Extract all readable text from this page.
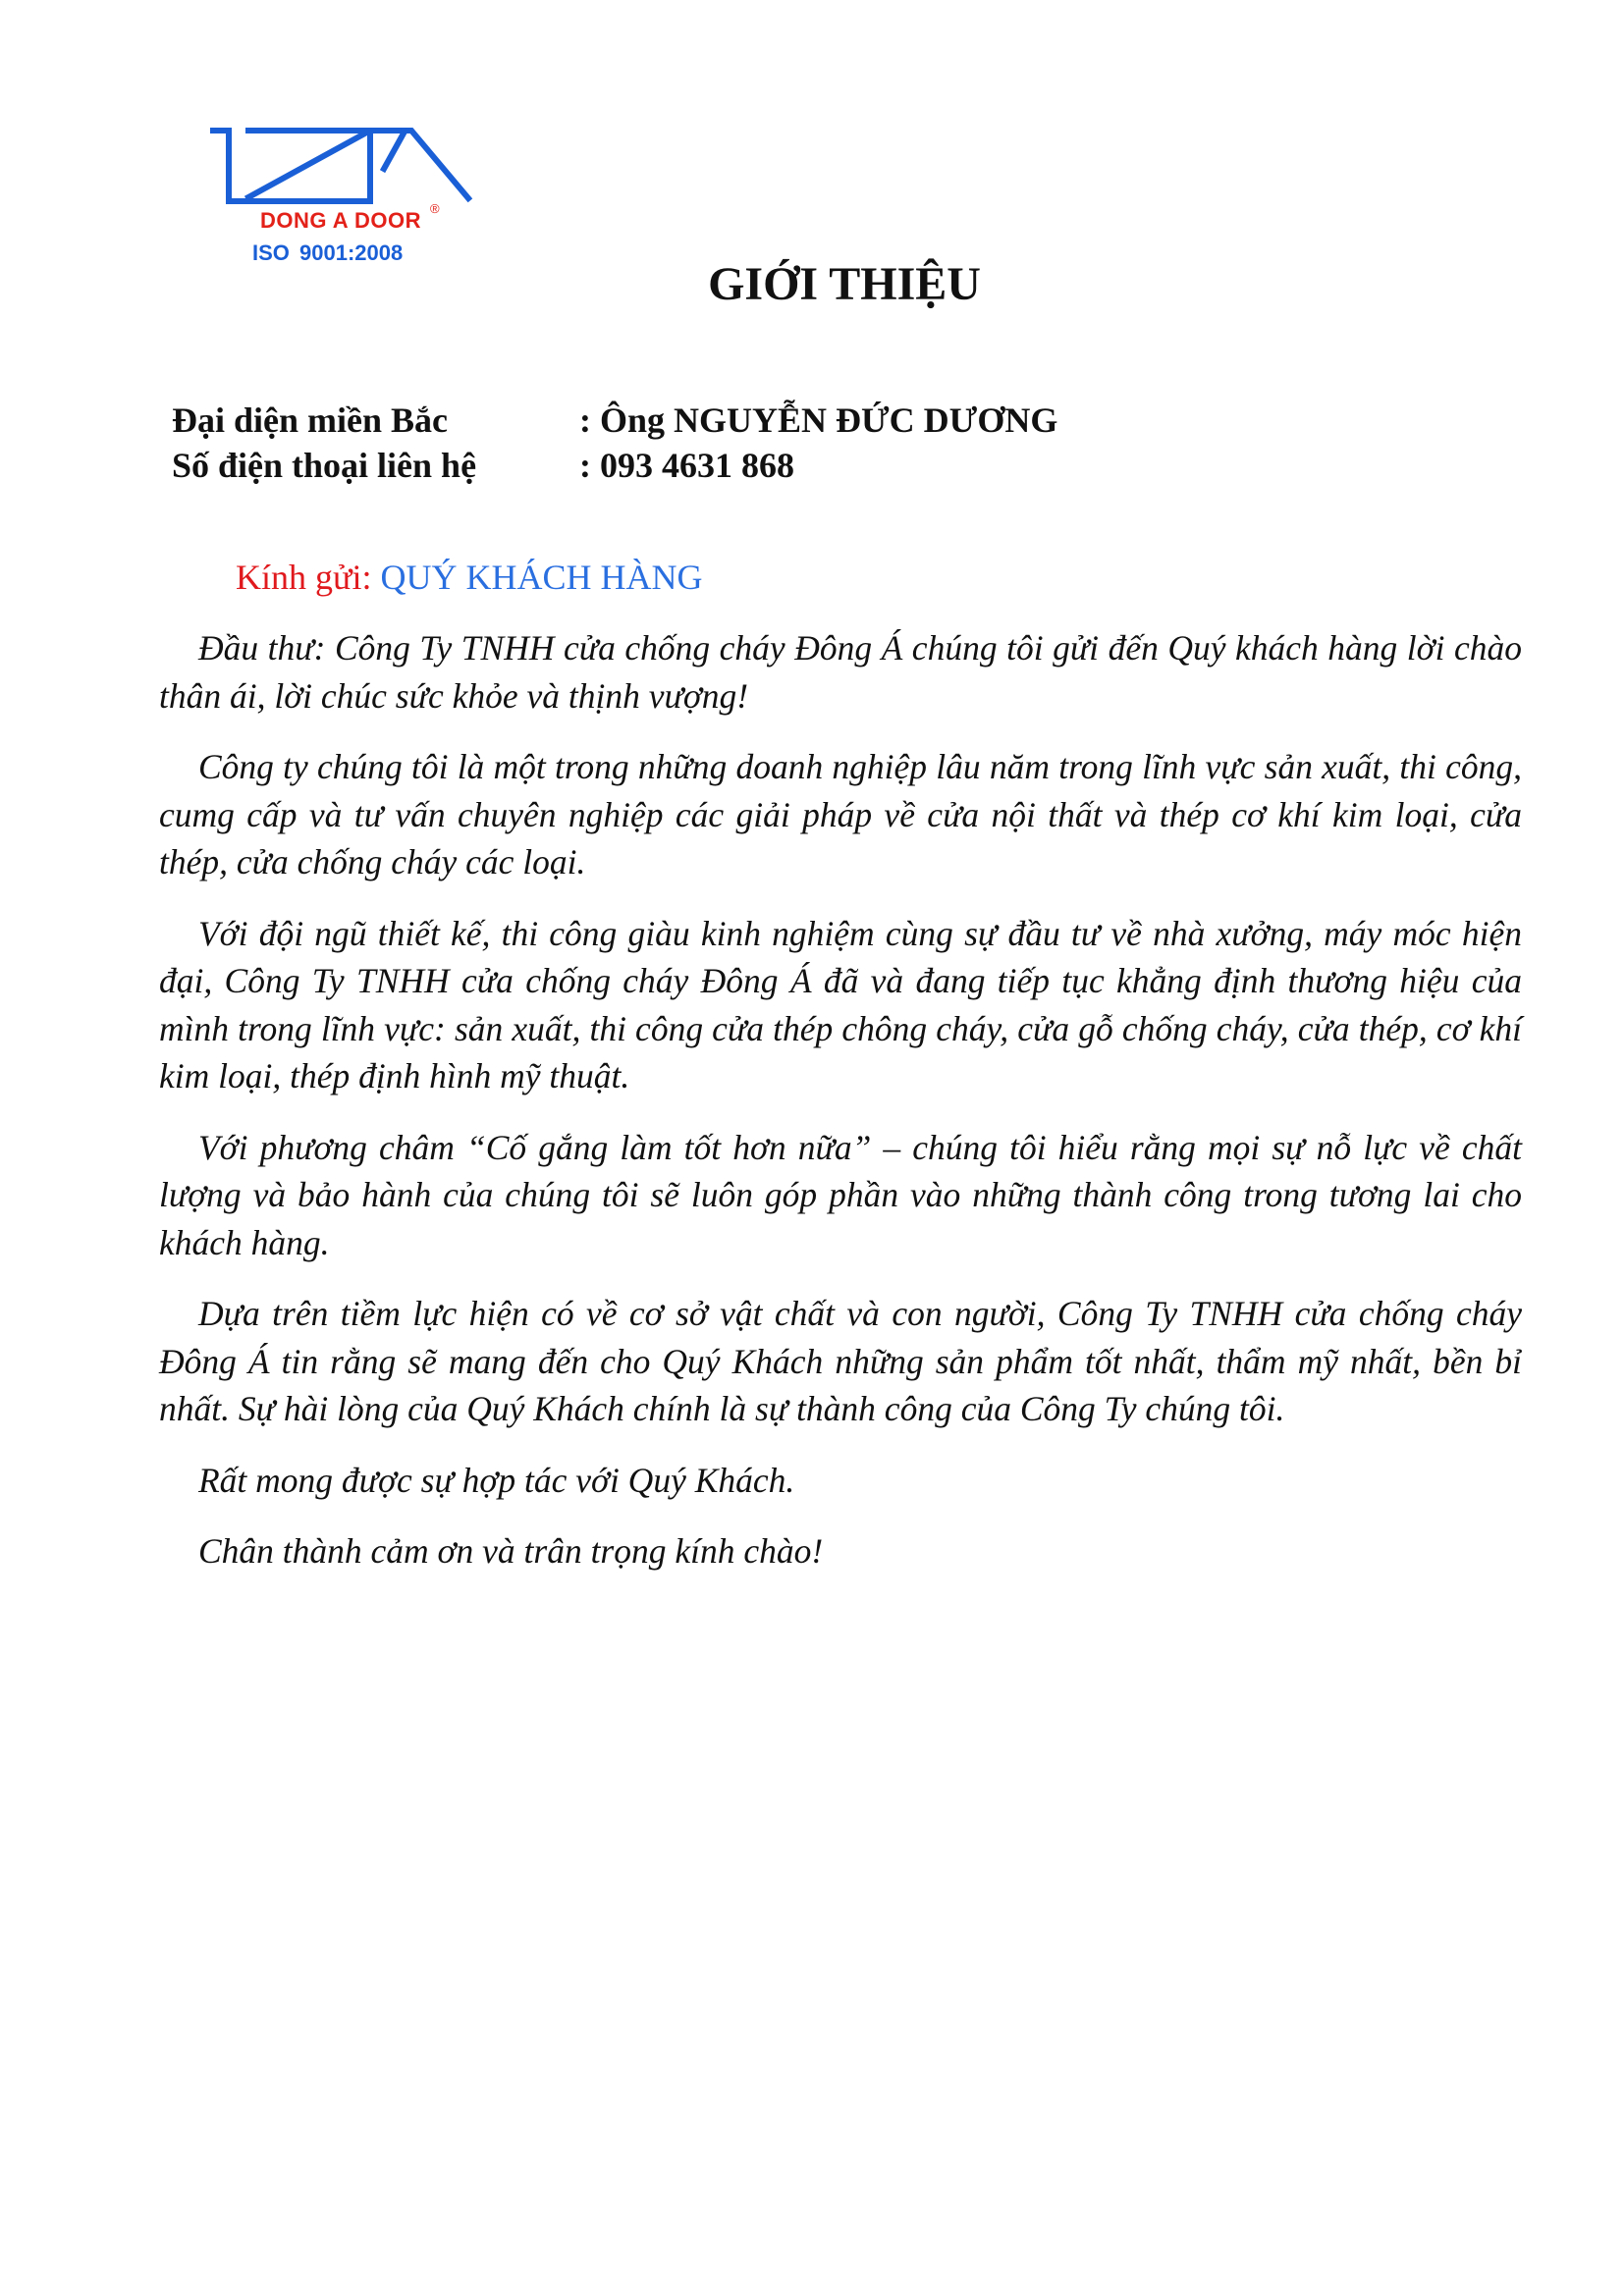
DONG A DOOR ®
ISO 9001:2008
GIỚI THIỆU
Đại diện miền Bắc	: Ông NGUYỄN ĐỨC DƯƠNG
Số điện thoại liên hệ	: 093 4631 868
Kính gửi: QUÝ KHÁCH HÀNG

Đầu thư: Công Ty TNHH cửa chống cháy Đông Á chúng tôi gửi đến Quý khách hàng lời chào thân ái, lời chúc sức khỏe và thịnh vượng!

Công ty chúng tôi là một trong những doanh nghiệp lâu năm trong lĩnh vực sản xuất, thi công, cumg cấp và tư vấn chuyên nghiệp các giải pháp về cửa nội thất và thép cơ khí kim loại, cửa thép, cửa chống cháy các loại.

Với đội ngũ thiết kế, thi công giàu kinh nghiệm cùng sự đầu tư về nhà xưởng, máy móc hiện đại, Công Ty TNHH cửa chống cháy Đông Á đã và đang tiếp tục khẳng định thương hiệu của mình trong lĩnh vực: sản xuất, thi công cửa thép chông cháy, cửa gỗ chống cháy, cửa thép, cơ khí kim loại, thép định hình mỹ thuật.

Với phương châm “Cố gắng làm tốt hơn nữa” – chúng tôi hiểu rằng mọi sự nỗ lực về chất lượng và bảo hành của chúng tôi sẽ luôn góp phần vào những thành công trong tương lai cho khách hàng.

Dựa trên tiềm lực hiện có về cơ sở vật chất và con người, Công Ty TNHH cửa chống cháy Đông Á tin rằng sẽ mang đến cho Quý Khách những sản phẩm tốt nhất, thẩm mỹ nhất, bền bỉ nhất. Sự hài lòng của Quý Khách chính là sự thành công của Công Ty chúng tôi.

Rất mong được sự hợp tác với Quý Khách.

Chân thành cảm ơn và trân trọng kính chào!
